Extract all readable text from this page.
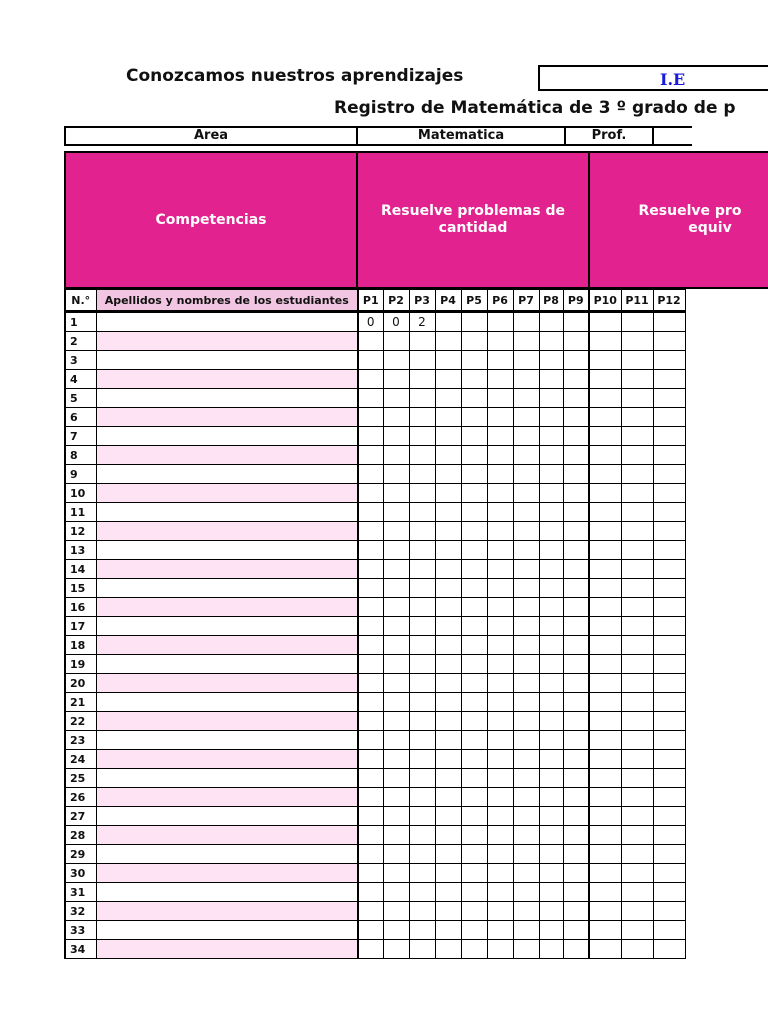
Conozcamos nuestros aprendizajes	I.E
Registro de Matemática de 3 º grado de p
Area	Matematica	Prof.
Competencias
Resuelve problemas de cantidad
Resuelve pro
equiv
N.°	Apellidos y nombres de los estudiantes	P1	P2	P3	P4	P5	P6	P7	P8	P9	P10	P11	P12
1		0	0	2									
2													
3													
4													
5													
6													
7													
8													
9													
10													
11													
12													
13													
14													
15													
16													
17													
18													
19													
20													
21													
22													
23													
24													
25													
26													
27													
28													
29													
30													
31													
32													
33													
34													
